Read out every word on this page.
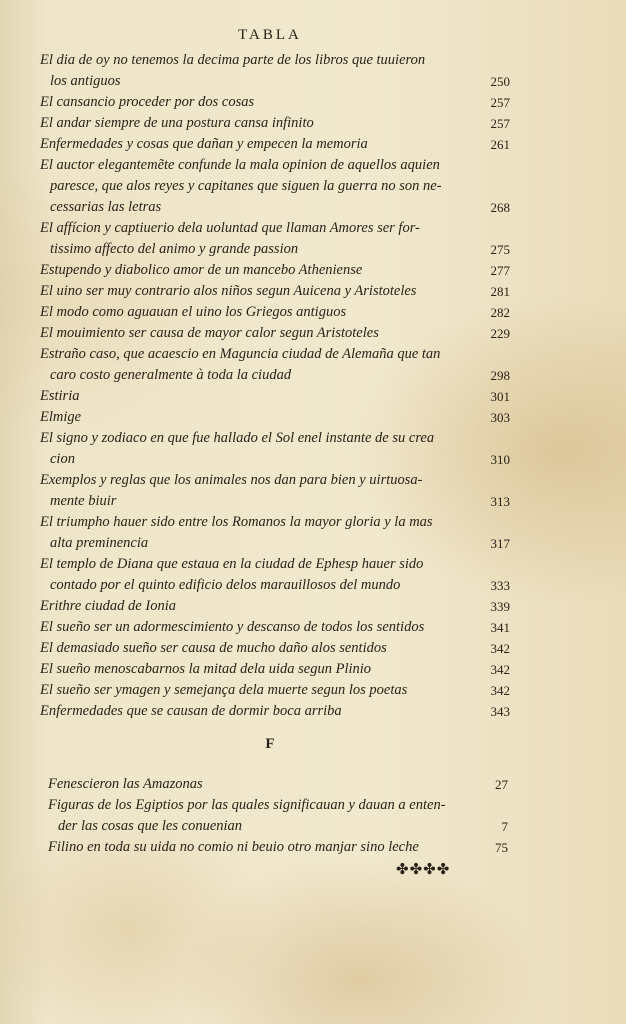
TABLA
El dia de oy no tenemos la decima parte de los libros que tuuieron
los antiguos	250
El cansancio proceder por dos cosas	257
El andar siempre de una postura cansa infinito	257
Enfermedades y cosas que dañan y empecen la memoria	261
El auctor elegantemẽte confunde la mala opinion de aquellos aquien
paresce, que alos reyes y capitanes que siguen la guerra no son ne-
cessarias las letras	268
El affícion y captiuerio dela uoluntad que llaman Amores ser for-
tissimo affecto del animo y grande passion	275
Estupendo y diabolico amor de un mancebo Atheniense	277
El uino ser muy contrario alos niños segun Auicena y Aristoteles	281
El modo como aguauan el uino los Griegos antiguos	282
El mouimiento ser causa de mayor calor segun Aristoteles	229
Estraño caso, que acaescio en Maguncia ciudad de Alemaña que tan
caro costo generalmente à toda la ciudad	298
Estiria	301
Elmige	303
El signo y zodiaco en que fue hallado el Sol enel instante de su crea
cion	310
Exemplos y reglas que los animales nos dan para bien y uirtuosa-
mente biuir	313
El triumpho hauer sido entre los Romanos la mayor gloria y la mas
alta preminencia	317
El templo de Diana que estaua en la ciudad de Ephesp hauer sido
contado por el quinto edificio delos marauillosos del mundo	333
Erithre ciudad de Ionia	339
El sueño ser un adormescimiento y descanso de todos los sentidos	341
El demasiado sueño ser causa de mucho daño alos sentidos	342
El sueño menoscabarnos la mitad dela uida segun Plinio	342
El sueño ser ymagen y semejança dela muerte segun los poetas	342
Enfermedades que se causan de dormir boca arriba	343
F
Fenescieron las Amazonas	27
Figuras de los Egiptios por las quales significauan y dauan a enten-
der las cosas que les conuenian	7
Filino en toda su uida no comio ni beuio otro manjar sino leche	75
✤✤✤✤
